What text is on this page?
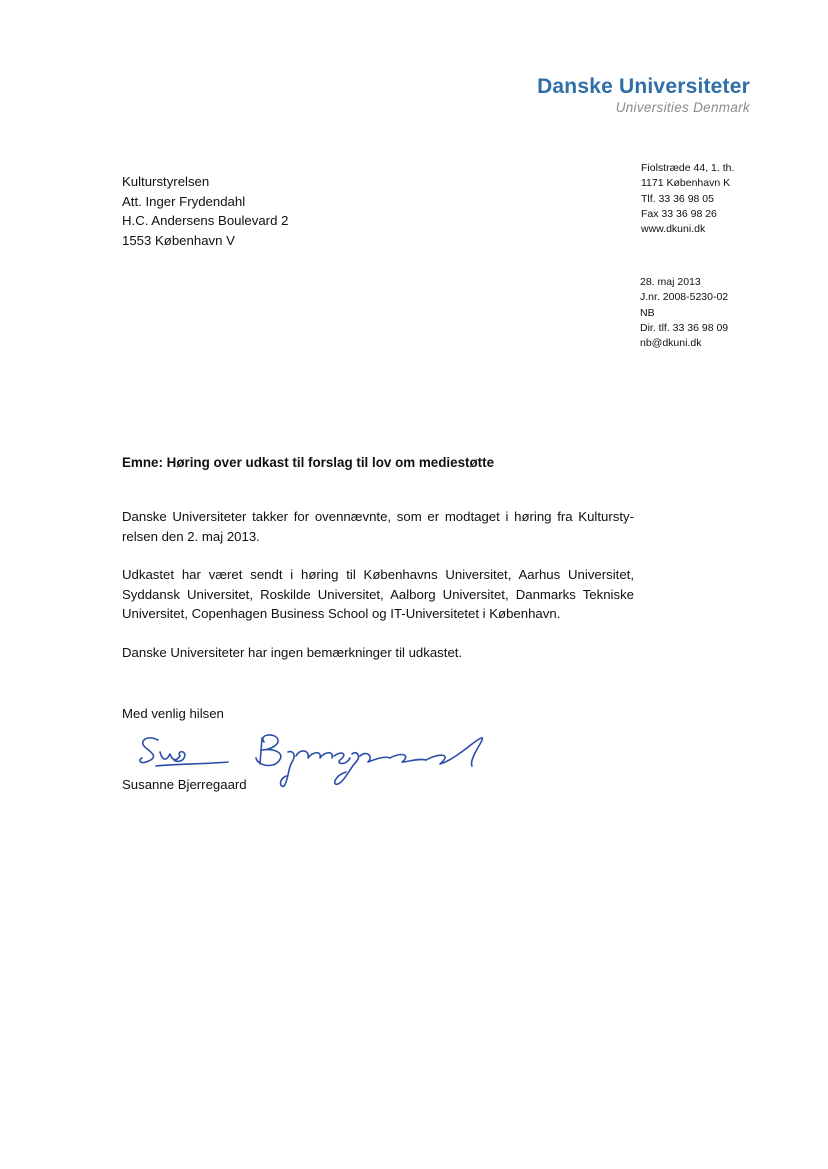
Danske Universiteter
Universities Denmark
Kulturstyrelsen
Att. Inger Frydendahl
H.C. Andersens Boulevard 2
1553 København V
Fiolstræde 44, 1. th.
1171 København K
Tlf. 33 36 98 05
Fax 33 36 98 26
www.dkuni.dk
28. maj 2013
J.nr. 2008-5230-02
NB
Dir. tlf. 33 36 98 09
nb@dkuni.dk
Emne: Høring over udkast til forslag til lov om mediestøtte

Danske Universiteter takker for ovennævnte, som er modtaget i høring fra Kultursty-relsen den 2. maj 2013.

Udkastet har været sendt i høring til Københavns Universitet, Aarhus Universitet, Syddansk Universitet, Roskilde Universitet, Aalborg Universitet, Danmarks Tekniske Universitet, Copenhagen Business School og IT-Universitetet i København.

Danske Universiteter har ingen bemærkninger til udkastet.

Med venlig hilsen
Susanne Bjerregaard
